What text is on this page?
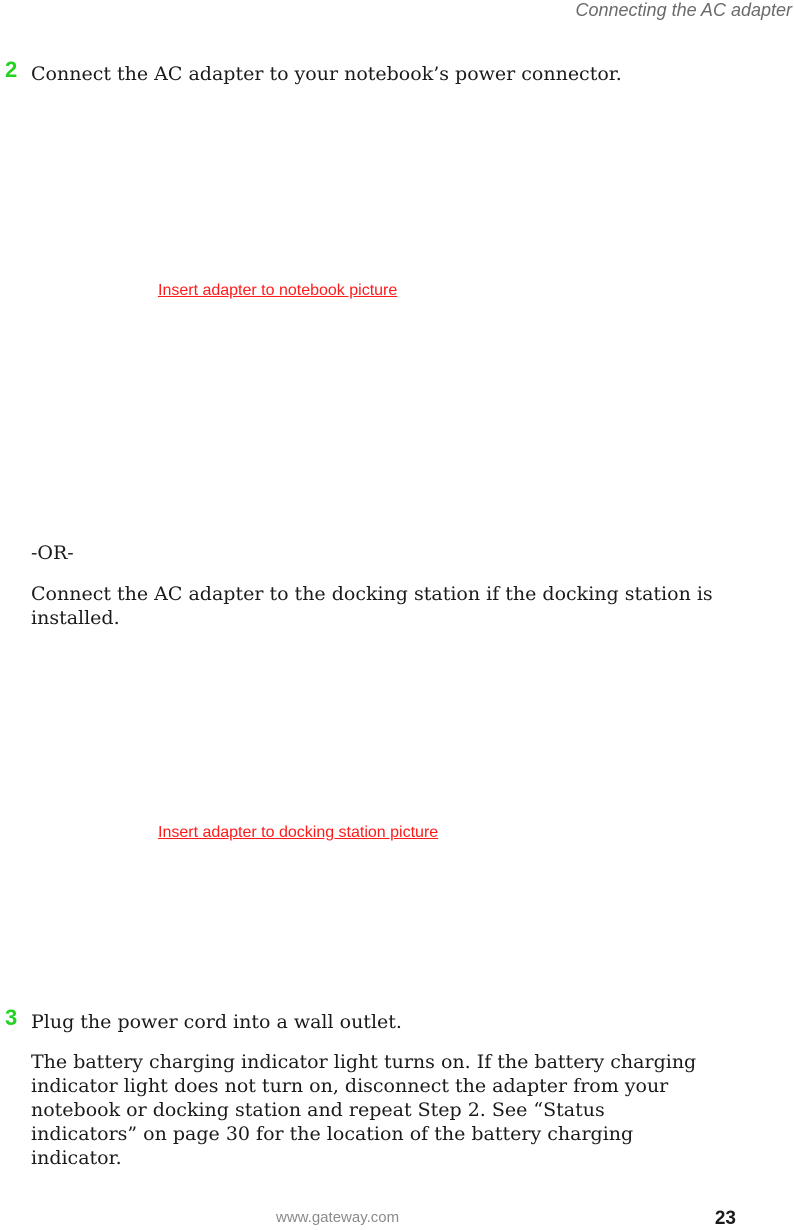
Connecting the AC adapter
2 Connect the AC adapter to your notebook’s power connector.
Insert adapter to notebook picture
-OR-
Connect the AC adapter to the docking station if the docking station is installed.
Insert adapter to docking station picture
3 Plug the power cord into a wall outlet.
The battery charging indicator light turns on. If the battery charging indicator light does not turn on, disconnect the adapter from your notebook or docking station and repeat Step 2. See “Status indicators” on page 30 for the location of the battery charging indicator.
www.gateway.com	23
